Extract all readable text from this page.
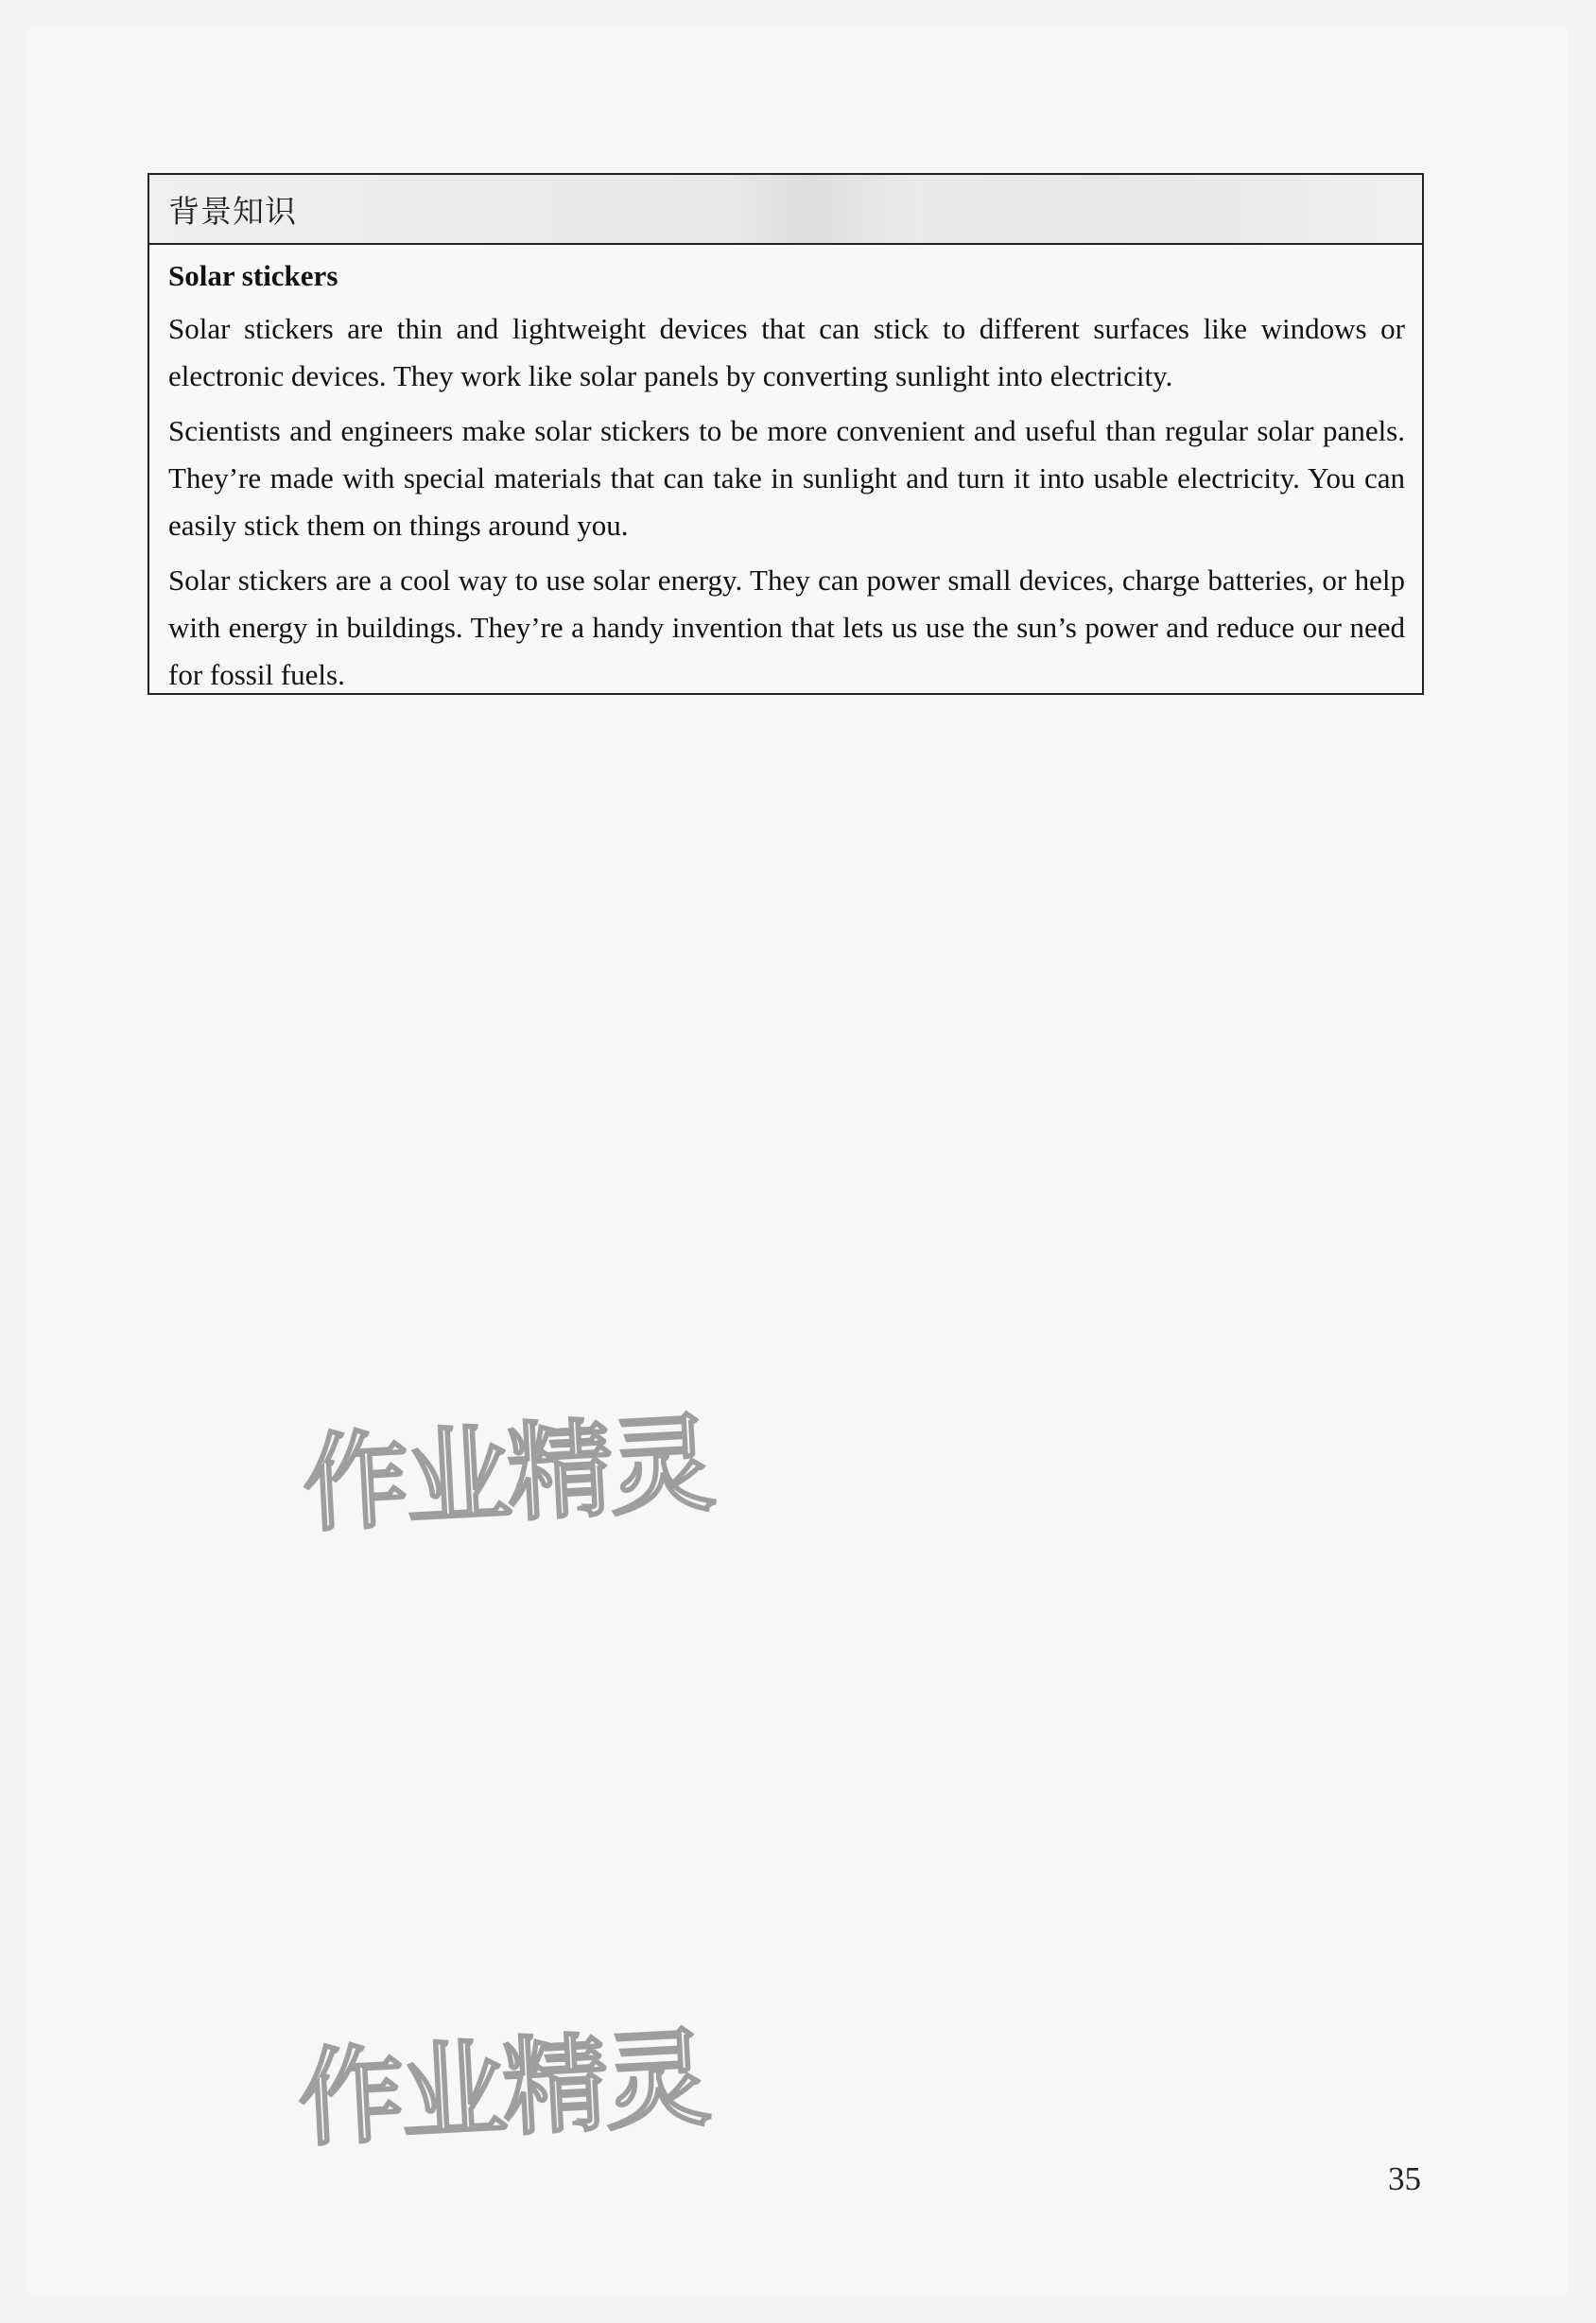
背景知识
Solar stickers

Solar stickers are thin and lightweight devices that can stick to different surfaces like windows or electronic devices. They work like solar panels by converting sunlight into electricity.

Scientists and engineers make solar stickers to be more convenient and useful than regular solar panels. They’re made with special materials that can take in sunlight and turn it into usable electricity. You can easily stick them on things around you.

Solar stickers are a cool way to use solar energy. They can power small devices, charge batteries, or help with energy in buildings. They’re a handy invention that lets us use the sun’s power and reduce our need for fossil fuels.

作业精灵
作业精灵
35
